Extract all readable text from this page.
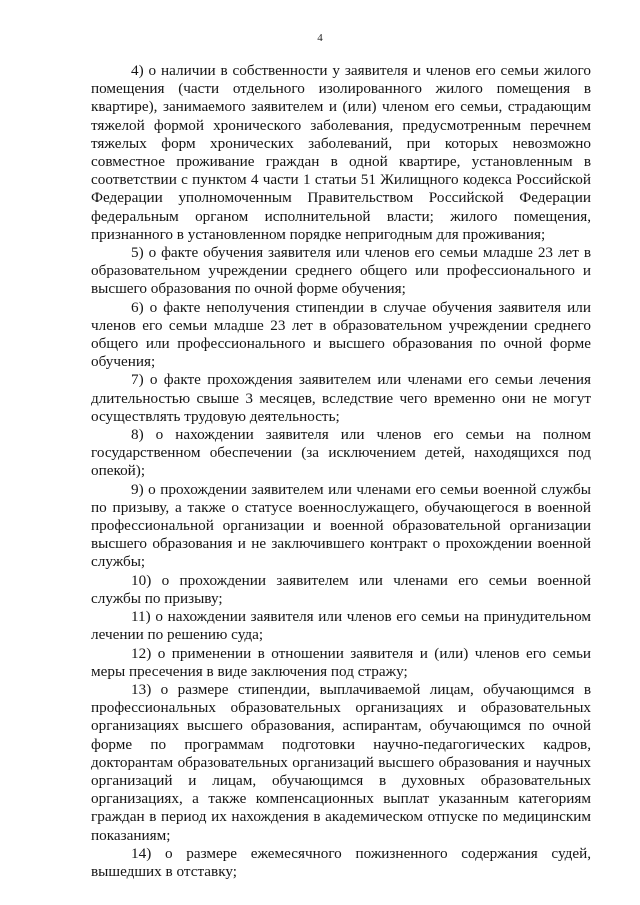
4

4) о наличии в собственности у заявителя и членов его семьи жилого помещения (части отдельного изолированного жилого помещения в квартире), занимаемого заявителем и (или) членом его семьи, страдающим тяжелой формой хронического заболевания, предусмотренным перечнем тяжелых форм хронических заболеваний, при которых невозможно совместное проживание граждан в одной квартире, установленным в соответствии с пунктом 4 части 1 статьи 51 Жилищного кодекса Российской Федерации уполномоченным Правительством Российской Федерации федеральным органом исполнительной власти; жилого помещения, признанного в установленном порядке непригодным для проживания;

5) о факте обучения заявителя или членов его семьи младше 23 лет в образовательном учреждении среднего общего или профессионального и высшего образования по очной форме обучения;

6) о факте неполучения стипендии в случае обучения заявителя или членов его семьи младше 23 лет в образовательном учреждении среднего общего или профессионального и высшего образования по очной форме обучения;

7) о факте прохождения заявителем или членами его семьи лечения длительностью свыше 3 месяцев, вследствие чего временно они не могут осуществлять трудовую деятельность;

8) о нахождении заявителя или членов его семьи на полном государственном обеспечении (за исключением детей, находящихся под опекой);

9) о прохождении заявителем или членами его семьи военной службы по призыву, а также о статусе военнослужащего, обучающегося в военной профессиональной организации и военной образовательной организации высшего образования и не заключившего контракт о прохождении военной службы;

10) о прохождении заявителем или членами его семьи военной службы по призыву;

11) о нахождении заявителя или членов его семьи на принудительном лечении по решению суда;

12) о применении в отношении заявителя и (или) членов его семьи меры пресечения в виде заключения под стражу;

13) о размере стипендии, выплачиваемой лицам, обучающимся в профессиональных образовательных организациях и образовательных организациях высшего образования, аспирантам, обучающимся по очной форме по программам подготовки научно-педагогических кадров, докторантам образовательных организаций высшего образования и научных организаций и лицам, обучающимся в духовных образовательных организациях, а также компенсационных выплат указанным категориям граждан в период их нахождения в академическом отпуске по медицинским показаниям;

14) о размере ежемесячного пожизненного содержания судей, вышедших в отставку;
